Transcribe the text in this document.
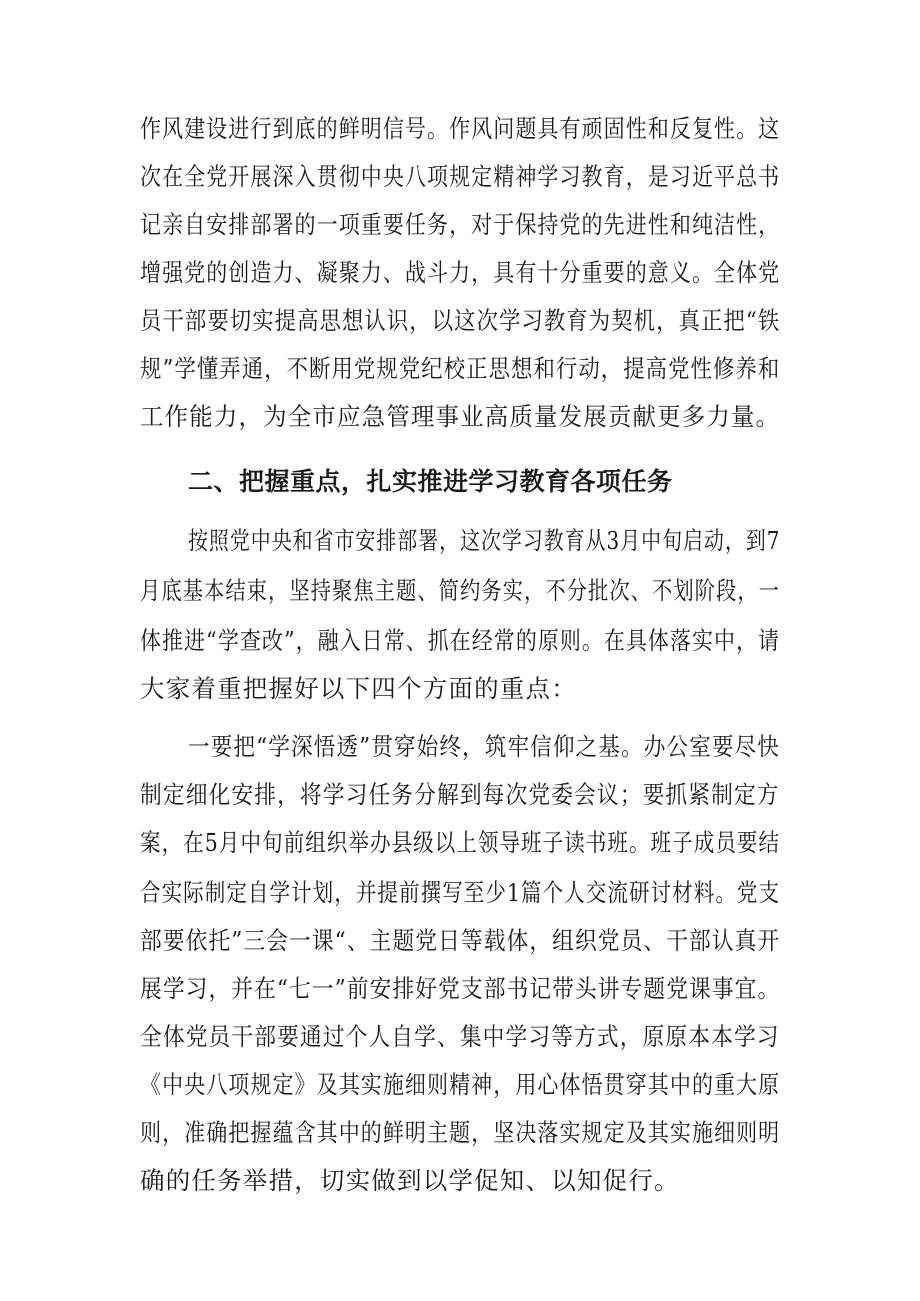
作风建设进行到底的鲜明信号。作风问题具有顽固性和反复性。这
次在全党开展深入贯彻中央八项规定精神学习教育，是习近平总书
记亲自安排部署的一项重要任务，对于保持党的先进性和纯洁性，
增强党的创造力、凝聚力、战斗力，具有十分重要的意义。全体党
员干部要切实提高思想认识，以这次学习教育为契机，真正把“铁
规”学懂弄通，不断用党规党纪校正思想和行动，提高党性修养和
工作能力，为全市应急管理事业高质量发展贡献更多力量。
二、把握重点，扎实推进学习教育各项任务
按照党中央和省市安排部署，这次学习教育从3月中旬启动，到7
月底基本结束，坚持聚焦主题、简约务实，不分批次、不划阶段，一
体推进“学查改”，融入日常、抓在经常的原则。在具体落实中，请
大家着重把握好以下四个方面的重点：
一要把“学深悟透”贯穿始终，筑牢信仰之基。办公室要尽快
制定细化安排，将学习任务分解到每次党委会议；要抓紧制定方
案，在5月中旬前组织举办县级以上领导班子读书班。班子成员要结
合实际制定自学计划，并提前撰写至少1篇个人交流研讨材料。党支
部要依托”三会一课“、主题党日等载体，组织党员、干部认真开
展学习，并在“七一”前安排好党支部书记带头讲专题党课事宜。
全体党员干部要通过个人自学、集中学习等方式，原原本本学习
《中央八项规定》及其实施细则精神，用心体悟贯穿其中的重大原
则，准确把握蕴含其中的鲜明主题，坚决落实规定及其实施细则明
确的任务举措，切实做到以学促知、以知促行。
